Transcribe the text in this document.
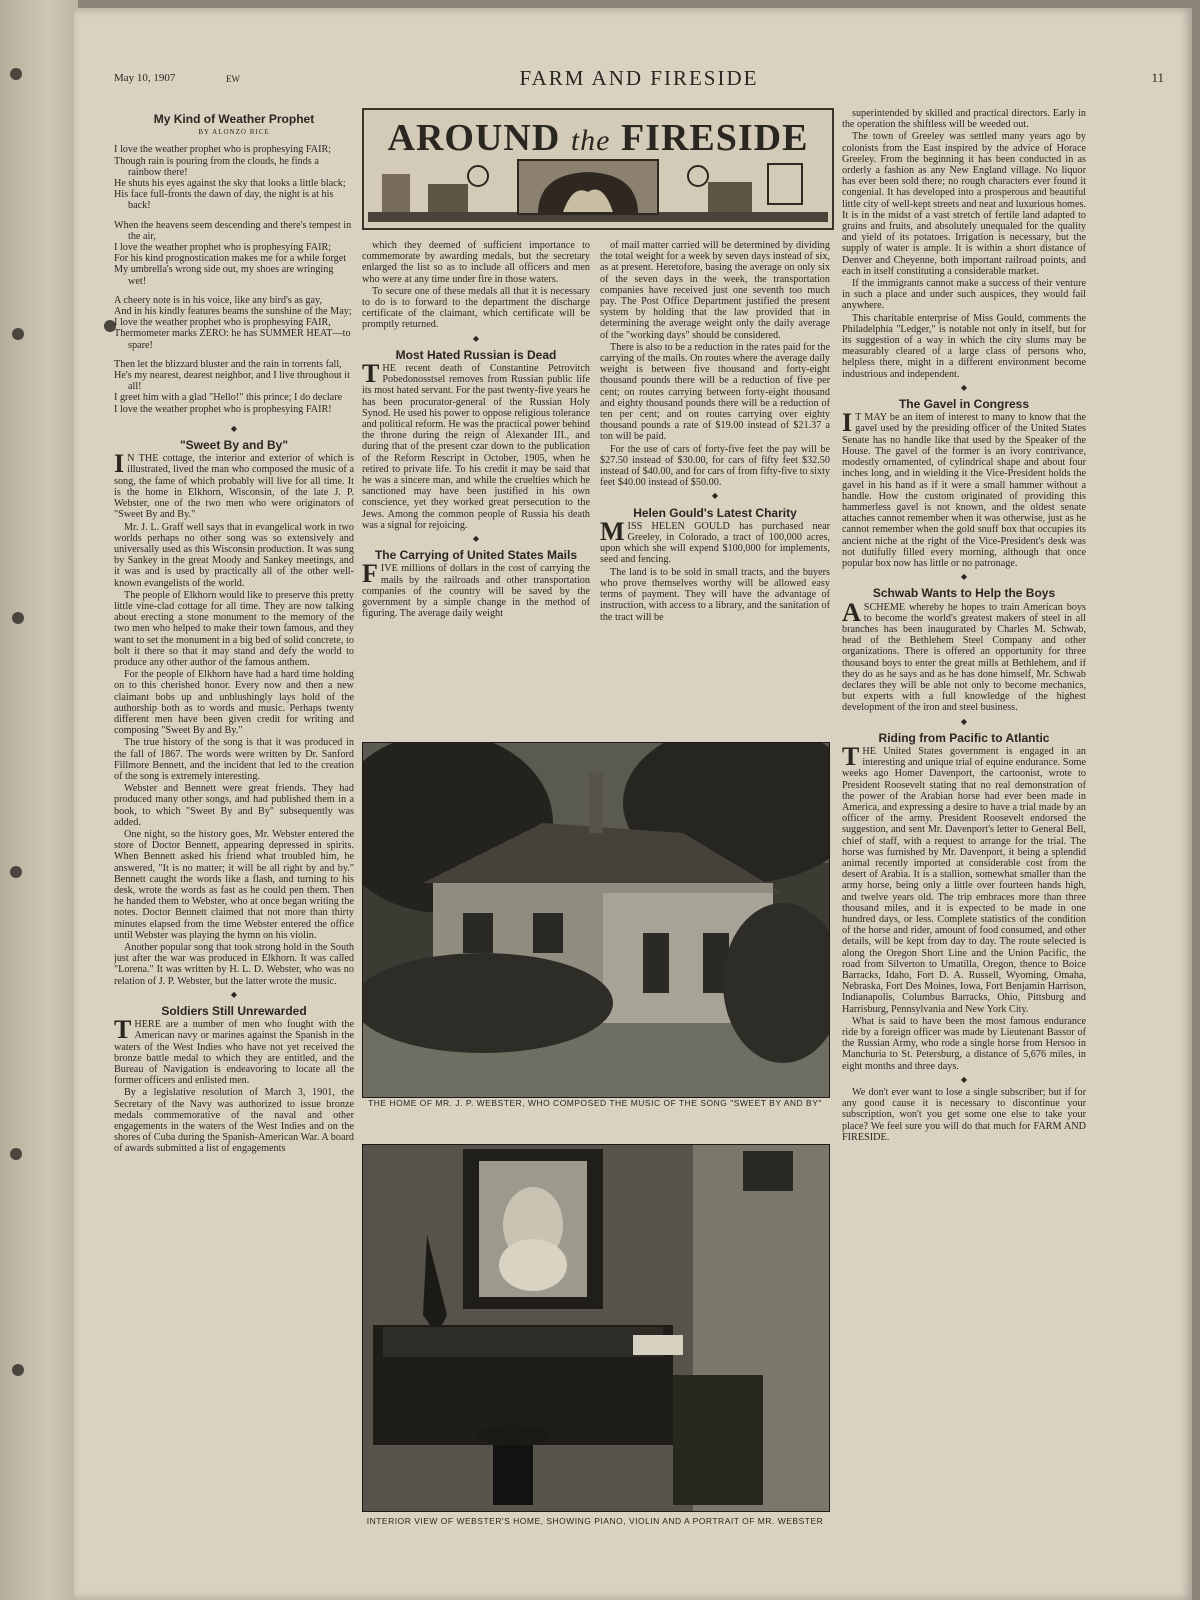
May 10, 1907	EW	FARM AND FIRESIDE	11
AROUND the FIRESIDE
My Kind of Weather Prophet
BY ALONZO RICE

I love the weather prophet who is prophesying FAIR;

Though rain is pouring from the clouds, he finds a rainbow there!

He shuts his eyes against the sky that looks a little black;

His face full-fronts the dawn of day, the night is at his back!

When the heavens seem descending and there's tempest in the air,

I love the weather prophet who is prophesying FAIR;

For his kind prognostication makes me for a while forget

My umbrella's wrong side out, my shoes are wringing wet!

A cheery note is in his voice, like any bird's as gay,

And in his kindly features beams the sunshine of the May;

I love the weather prophet who is prophesying FAIR,

Thermometer marks ZERO: he has SUMMER HEAT—to spare!

Then let the blizzard bluster and the rain in torrents fall,

He's my nearest, dearest neighbor, and I live throughout it all!

I greet him with a glad "Hello!" this prince; I do declare

I love the weather prophet who is prophesying FAIR!

◆
"Sweet By and By"

I N THE cottage, the interior and exterior of which is illustrated, lived the man who composed the music of a song, the fame of which probably will live for all time. It is the home in Elkhorn, Wisconsin, of the late J. P. Webster, one of the two men who were originators of "Sweet By and By."

Mr. J. L. Graff well says that in evangelical work in two worlds perhaps no other song was so extensively and universally used as this Wisconsin production. It was sung by Sankey in the great Moody and Sankey meetings, and it was and is used by practically all of the other well-known evangelists of the world.

The people of Elkhorn would like to preserve this pretty little vine-clad cottage for all time. They are now talking about erecting a stone monument to the memory of the two men who helped to make their town famous, and they want to set the monument in a big bed of solid concrete, to bolt it there so that it may stand and defy the world to produce any other author of the famous anthem.

For the people of Elkhorn have had a hard time holding on to this cherished honor. Every now and then a new claimant bobs up and unblushingly lays hold of the authorship both as to words and music. Perhaps twenty different men have been given credit for writing and composing "Sweet By and By."

The true history of the song is that it was produced in the fall of 1867. The words were written by Dr. Sanford Fillmore Bennett, and the incident that led to the creation of the song is extremely interesting.

Webster and Bennett were great friends. They had produced many other songs, and had published them in a book, to which "Sweet By and By" subsequently was added.

One night, so the history goes, Mr. Webster entered the store of Doctor Bennett, appearing depressed in spirits. When Bennett asked his friend what troubled him, he answered, "It is no matter; it will be all right by and by." Bennett caught the words like a flash, and turning to his desk, wrote the words as fast as he could pen them. Then he handed them to Webster, who at once began writing the notes. Doctor Bennett claimed that not more than thirty minutes elapsed from the time Webster entered the office until Webster was playing the hymn on his violin.

Another popular song that took strong hold in the South just after the war was produced in Elkhorn. It was called "Lorena." It was written by H. L. D. Webster, who was no relation of J. P. Webster, but the latter wrote the music.

◆
Soldiers Still Unrewarded

THERE are a number of men who fought with the American navy or marines against the Spanish in the waters of the West Indies who have not yet received the bronze battle medal to which they are entitled, and the Bureau of Navigation is endeavoring to locate all the former officers and enlisted men.

By a legislative resolution of March 3, 1901, the Secretary of the Navy was authorized to issue bronze medals commemorative of the naval and other engagements in the waters of the West Indies and on the shores of Cuba during the Spanish-American War. A board of awards submitted a list of engagements

which they deemed of sufficient importance to commemorate by awarding medals, but the secretary enlarged the list so as to include all officers and men who were at any time under fire in those waters.

To secure one of these medals all that it is necessary to do is to forward to the department the discharge certificate of the claimant, which certificate will be promptly returned.

◆
Most Hated Russian is Dead

THE recent death of Constantine Petrovitch Pobedonosstsel removes from Russian public life its most hated servant. For the past twenty-five years he has been procurator-general of the Russian Holy Synod. He used his power to oppose religious tolerance and political reform. He was the practical power behind the throne during the reign of Alexander III., and during that of the present czar down to the publication of the Reform Rescript in October, 1905, when he retired to private life. To his credit it may be said that he was a sincere man, and while the cruelties which he sanctioned may have been justified in his own conscience, yet they worked great persecution to the Jews. Among the common people of Russia his death was a signal for rejoicing.

◆
The Carrying of United States Mails

FIVE millions of dollars in the cost of carrying the mails by the railroads and other transportation companies of the country will be saved by the government by a simple change in the method of figuring. The average daily weight

of mail matter carried will be determined by dividing the total weight for a week by seven days instead of six, as at present. Heretofore, basing the average on only six of the seven days in the week, the transportation companies have received just one seventh too much pay. The Post Office Department justified the present system by holding that the law provided that in determining the average weight only the daily average of the "working days" should be considered.

There is also to be a reduction in the rates paid for the carrying of the mails. On routes where the average daily weight is between five thousand and forty-eight thousand pounds there will be a reduction of five per cent; on routes carrying between forty-eight thousand and eighty thousand pounds there will be a reduction of ten per cent; and on routes carrying over eighty thousand pounds a rate of $19.00 instead of $21.37 a ton will be paid.

For the use of cars of forty-five feet the pay will be $27.50 instead of $30.00, for cars of fifty feet $32.50 instead of $40.00, and for cars of from fifty-five to sixty feet $40.00 instead of $50.00.

◆
Helen Gould's Latest Charity

MISS HELEN GOULD has purchased near Greeley, in Colorado, a tract of 100,000 acres, upon which she will expend $100,000 for implements, seed and fencing.

The land is to be sold in small tracts, and the buyers who prove themselves worthy will be allowed easy terms of payment. They will have the advantage of instruction, with access to a library, and the sanitation of the tract will be

superintended by skilled and practical directors. Early in the operation the shiftless will be weeded out.

The town of Greeley was settled many years ago by colonists from the East inspired by the advice of Horace Greeley. From the beginning it has been conducted in as orderly a fashion as any New England village. No liquor has ever been sold there; no rough characters ever found it congenial. It has developed into a prosperous and beautiful little city of well-kept streets and neat and luxurious homes. It is in the midst of a vast stretch of fertile land adapted to grains and fruits, and absolutely unequaled for the quality and yield of its potatoes. Irrigation is necessary, but the supply of water is ample. It is within a short distance of Denver and Cheyenne, both important railroad points, and each in itself constituting a considerable market.

If the immigrants cannot make a success of their venture in such a place and under such auspices, they would fail anywhere.

This charitable enterprise of Miss Gould, comments the Philadelphia "Ledger," is notable not only in itself, but for its suggestion of a way in which the city slums may be measurably cleared of a large class of persons who, helpless there, might in a different environment become industrious and independent.

◆
The Gavel in Congress

I T MAY be an item of interest to many to know that the gavel used by the presiding officer of the United States Senate has no handle like that used by the Speaker of the House. The gavel of the former is an ivory contrivance, modestly ornamented, of cylindrical shape and about four inches long, and in wielding it the Vice-President holds the gavel in his hand as if it were a small hammer without a handle. How the custom originated of providing this hammerless gavel is not known, and the oldest senate attaches cannot remember when it was otherwise, just as he cannot remember when the gold snuff box that occupies its ancient niche at the right of the Vice-President's desk was not dutifully filled every morning, although that once popular box now has little or no patronage.

◆
Schwab Wants to Help the Boys

ASCHEME whereby he hopes to train American boys to become the world's greatest makers of steel in all branches has been inaugurated by Charles M. Schwab, head of the Bethlehem Steel Company and other organizations. There is offered an opportunity for three thousand boys to enter the great mills at Bethlehem, and if they do as he says and as he has done himself, Mr. Schwab declares they will be able not only to become mechanics, but experts with a full knowledge of the highest development of the iron and steel business.

◆
Riding from Pacific to Atlantic

THE United States government is engaged in an interesting and unique trial of equine endurance. Some weeks ago Homer Davenport, the cartoonist, wrote to President Roosevelt stating that no real demonstration of the power of the Arabian horse had ever been made in America, and expressing a desire to have a trial made by an officer of the army. President Roosevelt endorsed the suggestion, and sent Mr. Davenport's letter to General Bell, chief of staff, with a request to arrange for the trial. The horse was furnished by Mr. Davenport, it being a splendid animal recently imported at considerable cost from the desert of Arabia. It is a stallion, somewhat smaller than the army horse, being only a little over fourteen hands high, and twelve years old. The trip embraces more than three thousand miles, and it is expected to be made in one hundred days, or less. Complete statistics of the condition of the horse and rider, amount of food consumed, and other details, will be kept from day to day. The route selected is along the Oregon Short Line and the Union Pacific, the road from Silverton to Umatilla, Oregon, thence to Boice Barracks, Idaho, Fort D. A. Russell, Wyoming, Omaha, Nebraska, Fort Des Moines, Iowa, Fort Benjamin Harrison, Indianapolis, Columbus Barracks, Ohio, Pittsburg and Harrisburg, Pennsylvania and New York City.

What is said to have been the most famous endurance ride by a foreign officer was made by Lieutenant Bassor of the Russian Army, who rode a single horse from Hersoo in Manchuria to St. Petersburg, a distance of 5,676 miles, in eight months and three days.

◆

We don't ever want to lose a single subscriber; but if for any good cause it is necessary to discontinue your subscription, won't you get some one else to take your place? We feel sure you will do that much for FARM AND FIRESIDE.

THE HOME OF MR. J. P. WEBSTER, WHO COMPOSED THE MUSIC OF THE SONG "SWEET BY AND BY"
INTERIOR VIEW OF WEBSTER'S HOME, SHOWING PIANO, VIOLIN AND A PORTRAIT OF MR. WEBSTER
